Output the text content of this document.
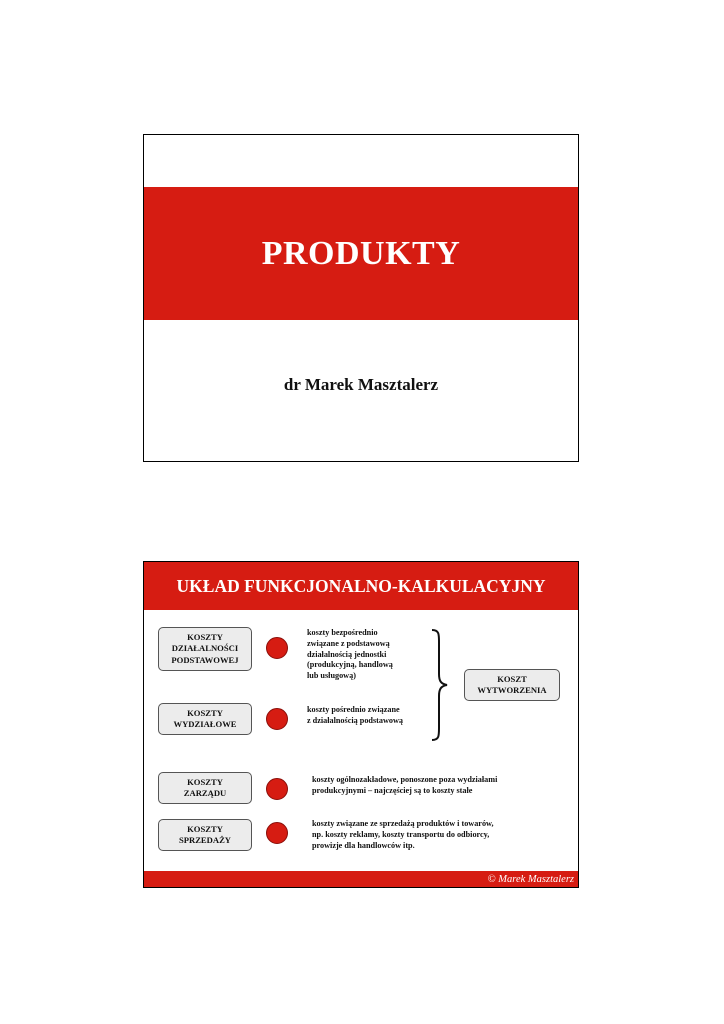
PRODUKTY
dr Marek Masztalerz
UKŁAD FUNKCJONALNO-KALKULACYJNY
KOSZTY
DZIAŁALNOŚCI
PODSTAWOWEJ
koszty bezpośrednio
związane z podstawową
działalnością jednostki
(produkcyjną, handlową
lub usługową)
KOSZTY
WYDZIAŁOWE
koszty pośrednio związane
z działalnością podstawową
KOSZT
WYTWORZENIA
KOSZTY
ZARZĄDU
koszty ogólnozakładowe, ponoszone poza wydziałami
produkcyjnymi – najczęściej są to koszty stałe
KOSZTY
SPRZEDAŻY
koszty związane ze sprzedażą produktów i towarów,
np. koszty reklamy, koszty transportu do odbiorcy,
prowizje dla handlowców itp.
© Marek Masztalerz
